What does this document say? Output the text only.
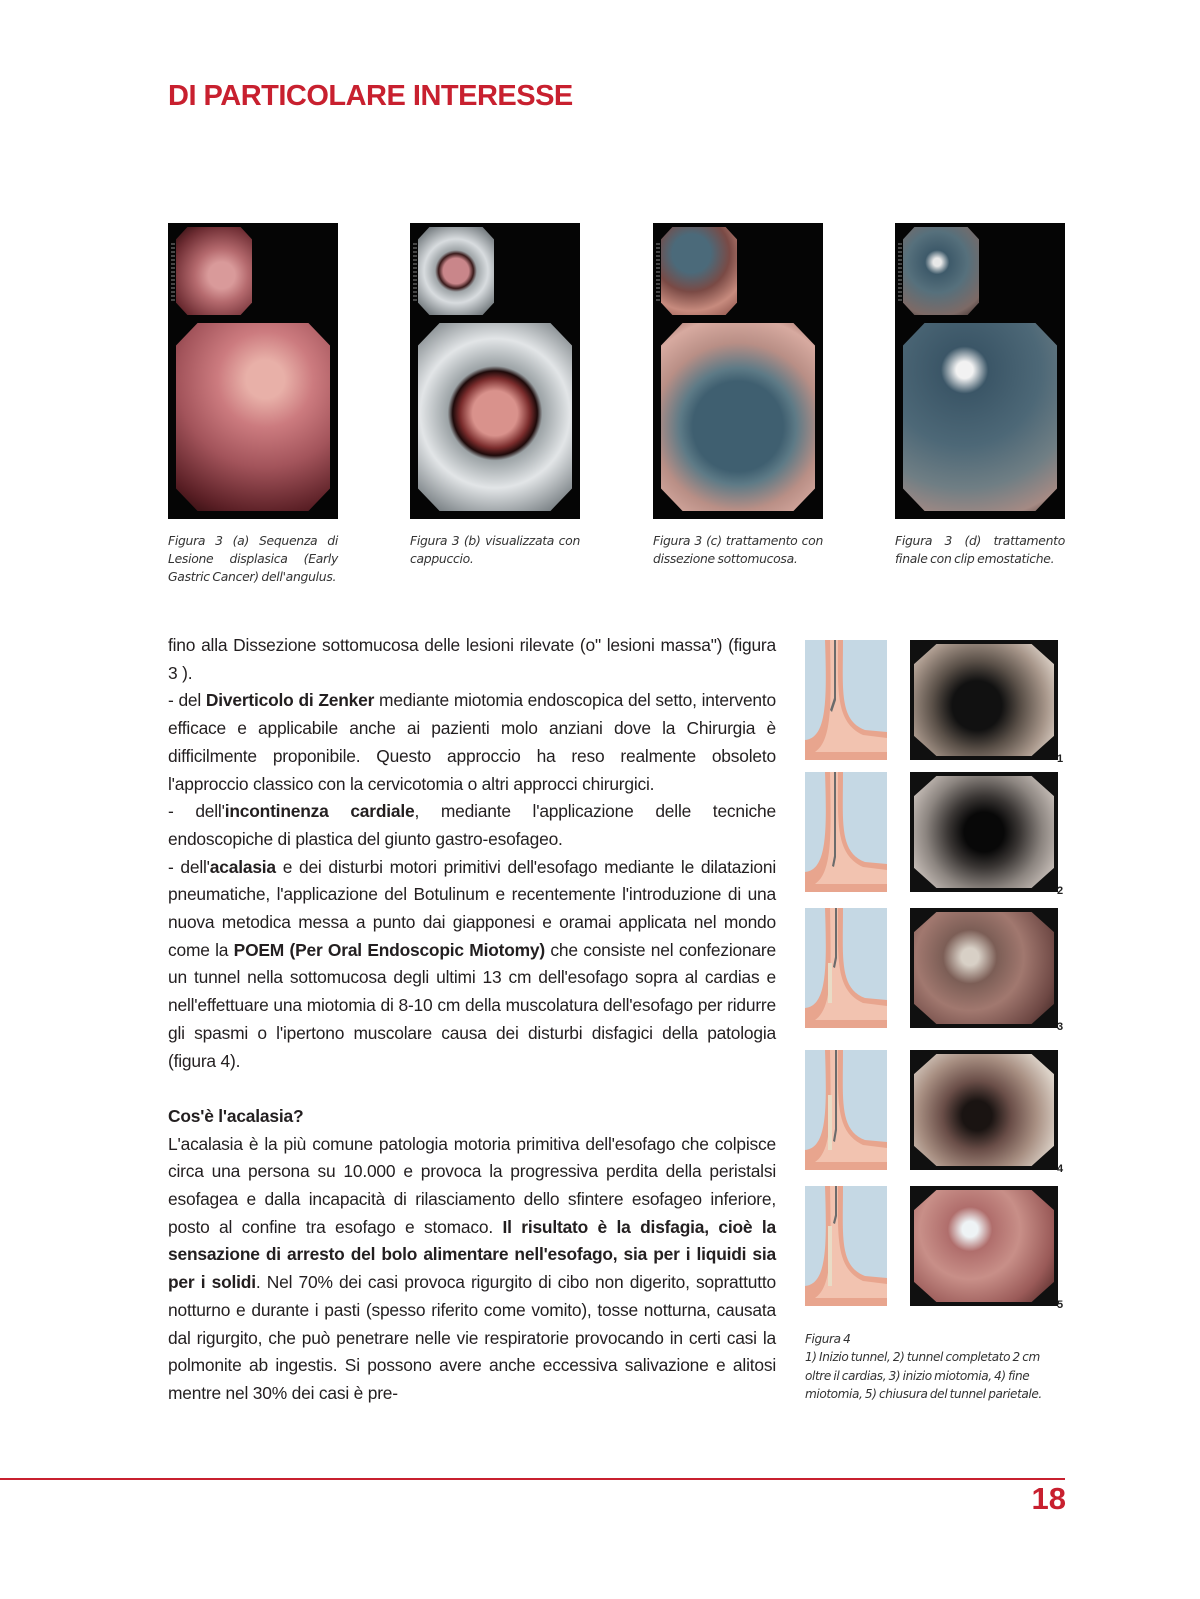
DI PARTICOLARE INTERESSE
Figura 3 (a) Sequenza di Lesione displasica (Early Gastric Cancer) dell'angulus.
Figura 3 (b) visualizzata con cappuccio.
Figura 3 (c) trattamento con dissezione sottomucosa.
Figura 3 (d) trattamento finale con clip emostatiche.

fino alla Dissezione sottomucosa delle lesioni rilevate (o" lesioni massa") (figura 3 ).

- del Diverticolo di Zenker mediante miotomia endoscopica del setto, intervento efficace e applicabile anche ai pazienti molo anziani dove la Chirurgia è difficilmente proponibile. Questo approccio ha reso realmente obsoleto l'approccio classico con la cervicotomia o altri approcci chirurgici.

- dell'incontinenza cardiale, mediante l'applicazione delle tecniche endoscopiche di plastica del giunto gastro-esofageo.

- dell'acalasia e dei disturbi motori primitivi dell'esofago mediante le dilatazioni pneumatiche, l'applicazione del Botulinum e recentemente l'introduzione di una nuova metodica messa a punto dai giapponesi e oramai applicata nel mondo come la POEM (Per Oral Endoscopic Miotomy) che consiste nel confezionare un tunnel nella sottomucosa degli ultimi 13 cm dell'esofago sopra al cardias e nell'effettuare una miotomia di 8-10 cm della muscolatura dell'esofago per ridurre gli spasmi o l'ipertono muscolare causa dei disturbi disfagici della patologia (figura 4).

Cos'è l'acalasia?

L'acalasia è la più comune patologia motoria primitiva dell'esofago che colpisce circa una persona su 10.000 e provoca la progressiva perdita della peristalsi esofagea e dalla incapacità di rilasciamento dello sfintere esofageo inferiore, posto al confine tra esofago e stomaco. Il risultato è la disfagia, cioè la sensazione di arresto del bolo alimentare nell'esofago, sia per i liquidi sia per i solidi. Nel 70% dei casi provoca rigurgito di cibo non digerito, soprattutto notturno e durante i pasti (spesso riferito come vomito), tosse notturna, causata dal rigurgito, che può penetrare nelle vie respiratorie provocando in certi casi la polmonite ab ingestis. Si possono avere anche eccessiva salivazione e alitosi mentre nel 30% dei casi è pre-

1
2
3
4
5
Figura 4
1) Inizio tunnel, 2) tunnel completato 2 cm oltre il cardias, 3) inizio miotomia, 4) fine miotomia, 5) chiusura del tunnel parietale.
18
